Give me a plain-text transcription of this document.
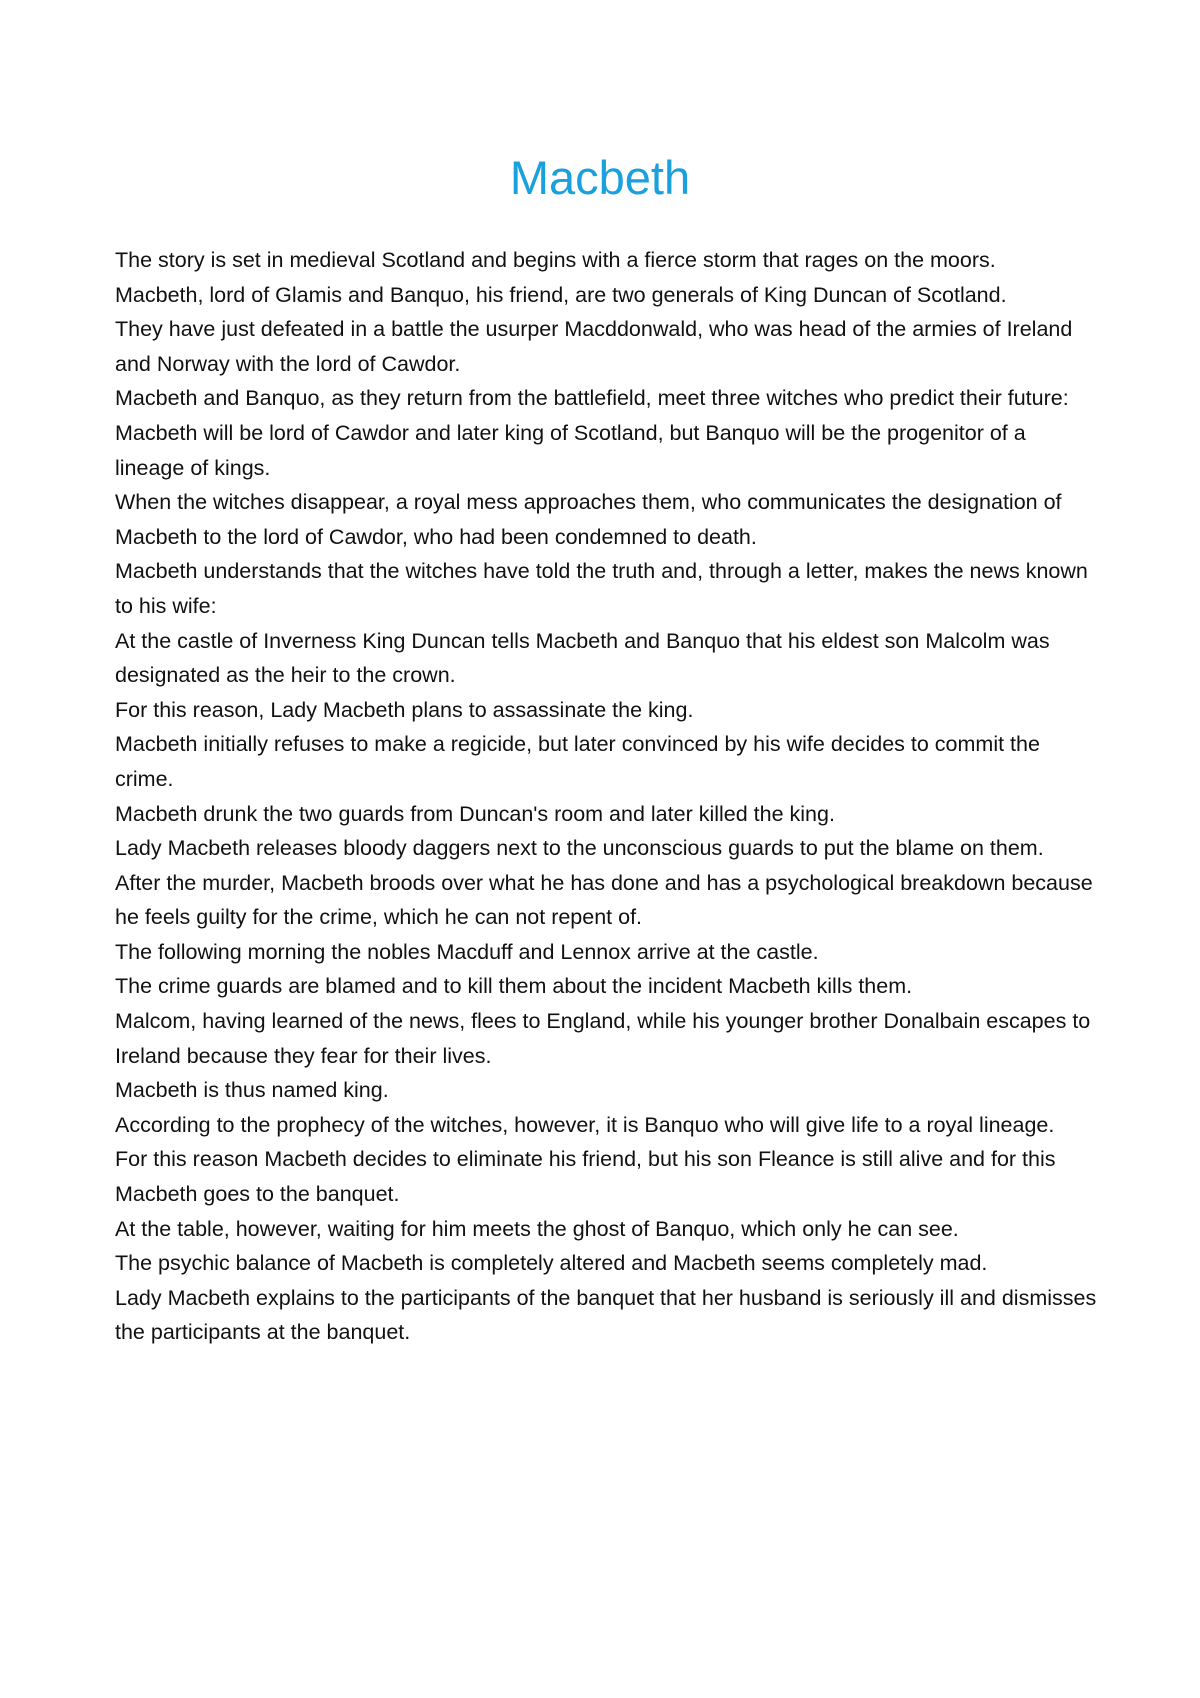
Macbeth

The story is set in medieval Scotland and begins with a fierce storm that rages on the moors.

Macbeth, lord of Glamis and Banquo, his friend, are two generals of King Duncan of Scotland.

They have just defeated in a battle the usurper Macddonwald, who was head of the armies of Ireland and Norway with the lord of Cawdor.

Macbeth and Banquo, as they return from the battlefield, meet three witches who predict their future: Macbeth will be lord of Cawdor and later king of Scotland, but Banquo will be the progenitor of a lineage of kings.

When the witches disappear, a royal mess approaches them, who communicates the designation of Macbeth to the lord of Cawdor, who had been condemned to death.

Macbeth understands that the witches have told the truth and, through a letter, makes the news known to his wife:

At the castle of Inverness King Duncan tells Macbeth and Banquo that his eldest son Malcolm was designated as the heir to the crown.

For this reason, Lady Macbeth plans to assassinate the king.

Macbeth initially refuses to make a regicide, but later convinced by his wife decides to commit the crime.

Macbeth drunk the two guards from Duncan's room and later killed the king.

Lady Macbeth releases bloody daggers next to the unconscious guards to put the blame on them.

After the murder, Macbeth broods over what he has done and has a psychological breakdown because he feels guilty for the crime, which he can not repent of.

The following morning the nobles Macduff and Lennox arrive at the castle.

The crime guards are blamed and to kill them about the incident Macbeth kills them.

Malcom, having learned of the news, flees to England, while his younger brother Donalbain escapes to Ireland because they fear for their lives.

Macbeth is thus named king.

According to the prophecy of the witches, however, it is Banquo who will give life to a royal lineage.

For this reason Macbeth decides to eliminate his friend, but his son Fleance is still alive and for this Macbeth goes to the banquet.

At the table, however, waiting for him meets the ghost of Banquo, which only he can see.

The psychic balance of Macbeth is completely altered and Macbeth seems completely mad.

Lady Macbeth explains to the participants of the banquet that her husband is seriously ill and dismisses the participants at the banquet.
